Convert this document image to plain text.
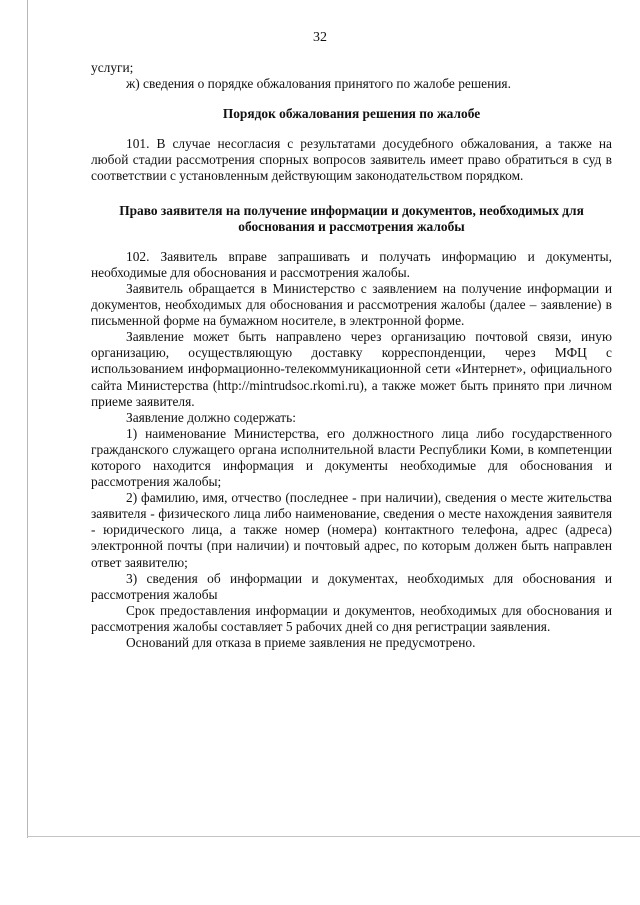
32

услуги;

ж) сведения о порядке обжалования принятого по жалобе решения.

Порядок обжалования решения по жалобе

101. В случае несогласия с результатами досудебного обжалования, а также на любой стадии рассмотрения спорных вопросов заявитель имеет право обратиться в суд в соответствии с установленным действующим законодательством порядком.

Право заявителя на получение информации и документов, необходимых для обоснования и рассмотрения жалобы

102. Заявитель вправе запрашивать и получать информацию и документы, необходимые для обоснования и рассмотрения жалобы.

Заявитель обращается в Министерство с заявлением на получение информации и документов, необходимых для обоснования и рассмотрения жалобы (далее – заявление) в письменной форме на бумажном носителе, в электронной форме.

Заявление может быть направлено через организацию почтовой связи, иную организацию, осуществляющую доставку корреспонденции, через МФЦ с использованием информационно-телекоммуникационной сети «Интернет», официального сайта Министерства (http://mintrudsoc.rkomi.ru), а также может быть принято при личном приеме заявителя.

Заявление должно содержать:

1) наименование Министерства, его должностного лица либо государственного гражданского служащего органа исполнительной власти Республики Коми, в компетенции которого находится информация и документы необходимые для обоснования и рассмотрения жалобы;

2) фамилию, имя, отчество (последнее - при наличии), сведения о месте жительства заявителя - физического лица либо наименование, сведения о месте нахождения заявителя - юридического лица, а также номер (номера) контактного телефона, адрес (адреса) электронной почты (при наличии) и почтовый адрес, по которым должен быть направлен ответ заявителю;

3) сведения об информации и документах, необходимых для обоснования и рассмотрения жалобы

Срок предоставления информации и документов, необходимых для обоснования и рассмотрения жалобы составляет 5 рабочих дней со дня регистрации заявления.

Оснований для отказа в приеме заявления не предусмотрено.
